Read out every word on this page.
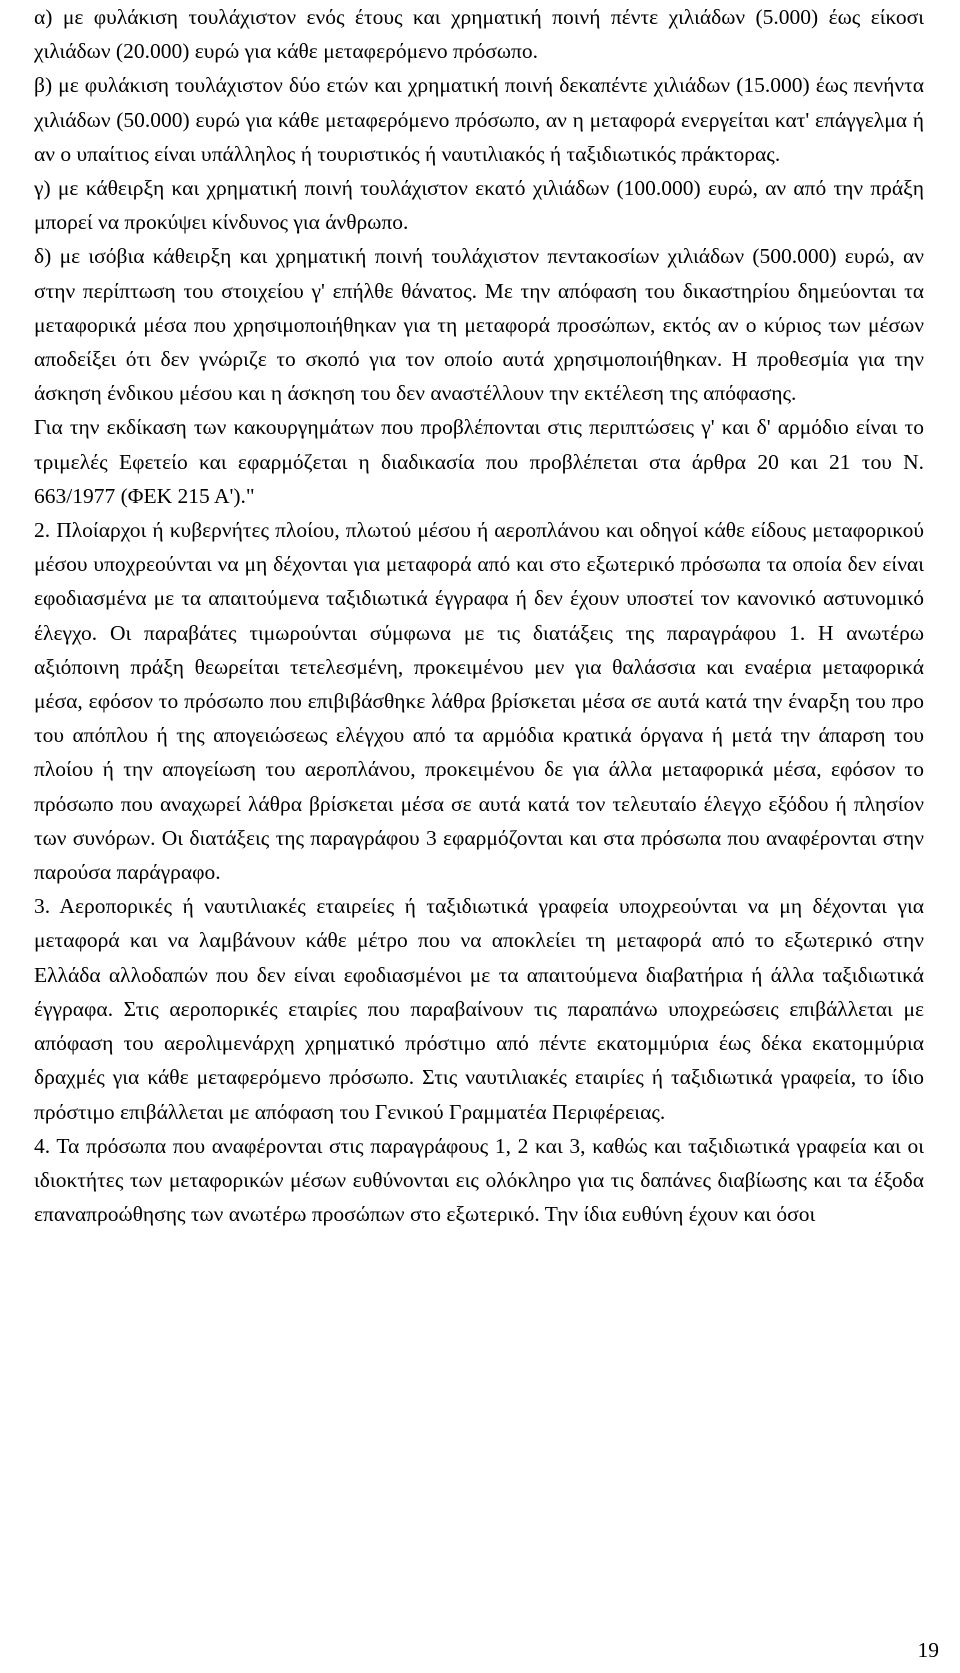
α) με φυλάκιση τουλάχιστον ενός έτους και χρηματική ποινή πέντε χιλιάδων (5.000) έως είκοσι χιλιάδων (20.000) ευρώ για κάθε μεταφερόμενο πρόσωπο.

β) με φυλάκιση τουλάχιστον δύο ετών και χρηματική ποινή δεκαπέντε χιλιάδων (15.000) έως πενήντα χιλιάδων (50.000) ευρώ για κάθε μεταφερόμενο πρόσωπο, αν η μεταφορά ενεργείται κατ' επάγγελμα ή αν ο υπαίτιος είναι υπάλληλος ή τουριστικός ή ναυτιλιακός ή ταξιδιωτικός πράκτορας.

γ) με κάθειρξη και χρηματική ποινή τουλάχιστον εκατό χιλιάδων (100.000) ευρώ, αν από την πράξη μπορεί να προκύψει κίνδυνος για άνθρωπο.

δ) με ισόβια κάθειρξη και χρηματική ποινή τουλάχιστον πεντακοσίων χιλιάδων (500.000) ευρώ, αν στην περίπτωση του στοιχείου γ' επήλθε θάνατος. Με την απόφαση του δικαστηρίου δημεύονται τα μεταφορικά μέσα που χρησιμοποιήθηκαν για τη μεταφορά προσώπων, εκτός αν ο κύριος των μέσων αποδείξει ότι δεν γνώριζε το σκοπό για τον οποίο αυτά χρησιμοποιήθηκαν. Η προθεσμία για την άσκηση ένδικου μέσου και η άσκηση του δεν αναστέλλουν την εκτέλεση της απόφασης.

Για την εκδίκαση των κακουργημάτων που προβλέπονται στις περιπτώσεις γ' και δ' αρμόδιο είναι το τριμελές Εφετείο και εφαρμόζεται η διαδικασία που προβλέπεται στα άρθρα 20 και 21 του Ν. 663/1977 (ΦΕΚ 215 Α')."

2. Πλοίαρχοι ή κυβερνήτες πλοίου, πλωτού μέσου ή αεροπλάνου και οδηγοί κάθε είδους μεταφορικού μέσου υποχρεούνται να μη δέχονται για μεταφορά από και στο εξωτερικό πρόσωπα τα οποία δεν είναι εφοδιασμένα με τα απαιτούμενα ταξιδιωτικά έγγραφα ή δεν έχουν υποστεί τον κανονικό αστυνομικό έλεγχο. Οι παραβάτες τιμωρούνται σύμφωνα με τις διατάξεις της παραγράφου 1. Η ανωτέρω αξιόποινη πράξη θεωρείται τετελεσμένη, προκειμένου μεν για θαλάσσια και εναέρια μεταφορικά μέσα, εφόσον το πρόσωπο που επιβιβάσθηκε λάθρα βρίσκεται μέσα σε αυτά κατά την έναρξη του προ του απόπλου ή της απογειώσεως ελέγχου από τα αρμόδια κρατικά όργανα ή μετά την άπαρση του πλοίου ή την απογείωση του αεροπλάνου, προκειμένου δε για άλλα μεταφορικά μέσα, εφόσον το πρόσωπο που αναχωρεί λάθρα βρίσκεται μέσα σε αυτά κατά τον τελευταίο έλεγχο εξόδου ή πλησίον των συνόρων. Οι διατάξεις της παραγράφου 3 εφαρμόζονται και στα πρόσωπα που αναφέρονται στην παρούσα παράγραφο.

3. Αεροπορικές ή ναυτιλιακές εταιρείες ή ταξιδιωτικά γραφεία υποχρεούνται να μη δέχονται για μεταφορά και να λαμβάνουν κάθε μέτρο που να αποκλείει τη μεταφορά από το εξωτερικό στην Ελλάδα αλλοδαπών που δεν είναι εφοδιασμένοι με τα απαιτούμενα διαβατήρια ή άλλα ταξιδιωτικά έγγραφα. Στις αεροπορικές εταιρίες που παραβαίνουν τις παραπάνω υποχρεώσεις επιβάλλεται με απόφαση του αερολιμενάρχη χρηματικό πρόστιμο από πέντε εκατομμύρια έως δέκα εκατομμύρια δραχμές για κάθε μεταφερόμενο πρόσωπο. Στις ναυτιλιακές εταιρίες ή ταξιδιωτικά γραφεία, το ίδιο πρόστιμο επιβάλλεται με απόφαση του Γενικού Γραμματέα Περιφέρειας.

4. Τα πρόσωπα που αναφέρονται στις παραγράφους 1, 2 και 3, καθώς και ταξιδιωτικά γραφεία και οι ιδιοκτήτες των μεταφορικών μέσων ευθύνονται εις ολόκληρο για τις δαπάνες διαβίωσης και τα έξοδα επαναπροώθησης των ανωτέρω προσώπων στο εξωτερικό. Την ίδια ευθύνη έχουν και όσοι

19
